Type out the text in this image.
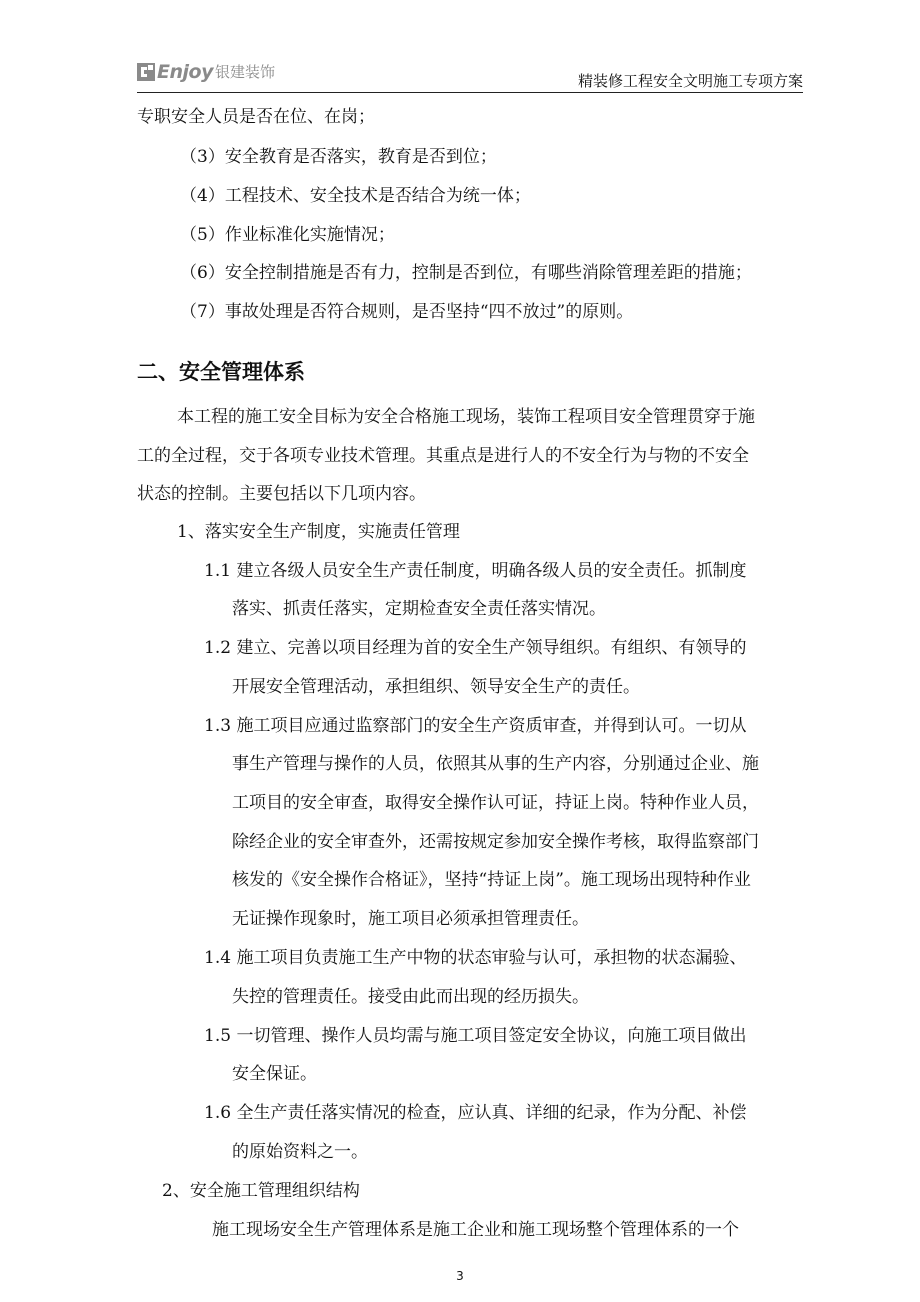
Enjoy 银建装饰	精装修工程安全文明施工专项方案
专职安全人员是否在位、在岗；
（3）安全教育是否落实，教育是否到位；
（4）工程技术、安全技术是否结合为统一体；
（5）作业标准化实施情况；
（6）安全控制措施是否有力，控制是否到位，有哪些消除管理差距的措施；
（7）事故处理是否符合规则，是否坚持“四不放过”的原则。
二、安全管理体系
本工程的施工安全目标为安全合格施工现场，装饰工程项目安全管理贯穿于施
工的全过程，交于各项专业技术管理。其重点是进行人的不安全行为与物的不安全
状态的控制。主要包括以下几项内容。
1、落实安全生产制度，实施责任管理
1.1 建立各级人员安全生产责任制度，明确各级人员的安全责任。抓制度
落实、抓责任落实，定期检查安全责任落实情况。
1.2 建立、完善以项目经理为首的安全生产领导组织。有组织、有领导的
开展安全管理活动，承担组织、领导安全生产的责任。
1.3 施工项目应通过监察部门的安全生产资质审查，并得到认可。一切从
事生产管理与操作的人员，依照其从事的生产内容，分别通过企业、施
工项目的安全审查，取得安全操作认可证，持证上岗。特种作业人员，
除经企业的安全审查外，还需按规定参加安全操作考核，取得监察部门
核发的《安全操作合格证》，坚持“持证上岗”。施工现场出现特种作业
无证操作现象时，施工项目必须承担管理责任。
1.4 施工项目负责施工生产中物的状态审验与认可，承担物的状态漏验、
失控的管理责任。接受由此而出现的经历损失。
1.5 一切管理、操作人员均需与施工项目签定安全协议，向施工项目做出
安全保证。
1.6 全生产责任落实情况的检查，应认真、详细的纪录，作为分配、补偿
的原始资料之一。
2、安全施工管理组织结构
3
施工现场安全生产管理体系是施工企业和施工现场整个管理体系的一个
